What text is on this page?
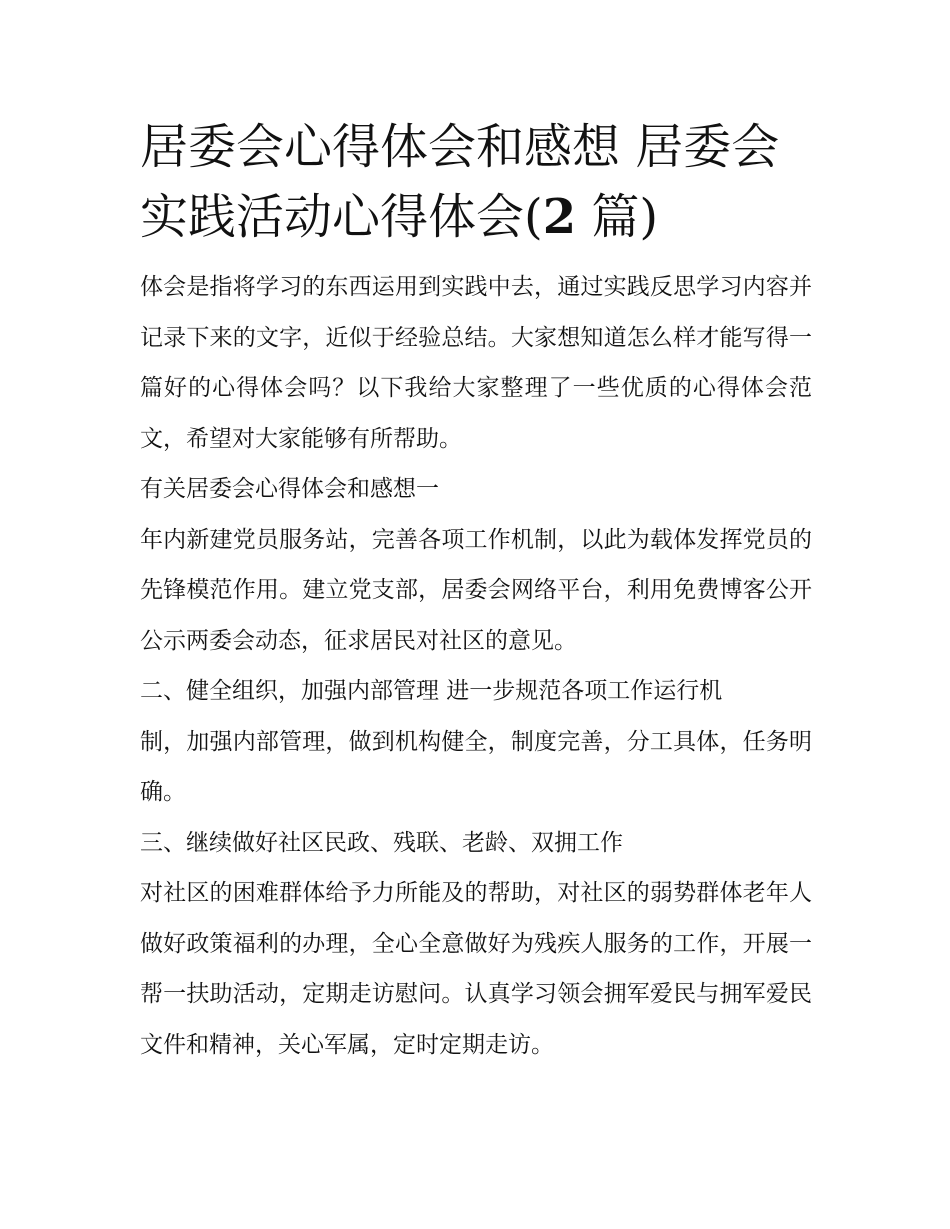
居委会心得体会和感想 居委会
实践活动心得体会(2 篇)

体会是指将学习的东西运用到实践中去，通过实践反思学习内容并记录下来的文字，近似于经验总结。大家想知道怎么样才能写得一篇好的心得体会吗？以下我给大家整理了一些优质的心得体会范文，希望对大家能够有所帮助。

有关居委会心得体会和感想一

年内新建党员服务站，完善各项工作机制，以此为载体发挥党员的先锋模范作用。建立党支部，居委会网络平台，利用免费博客公开公示两委会动态，征求居民对社区的意见。

二、健全组织，加强内部管理 进一步规范各项工作运行机

制，加强内部管理，做到机构健全，制度完善，分工具体，任务明确。

三、继续做好社区民政、残联、老龄、双拥工作

对社区的困难群体给予力所能及的帮助，对社区的弱势群体老年人做好政策福利的办理，全心全意做好为残疾人服务的工作，开展一帮一扶助活动，定期走访慰问。认真学习领会拥军爱民与拥军爱民文件和精神，关心军属，定时定期走访。
